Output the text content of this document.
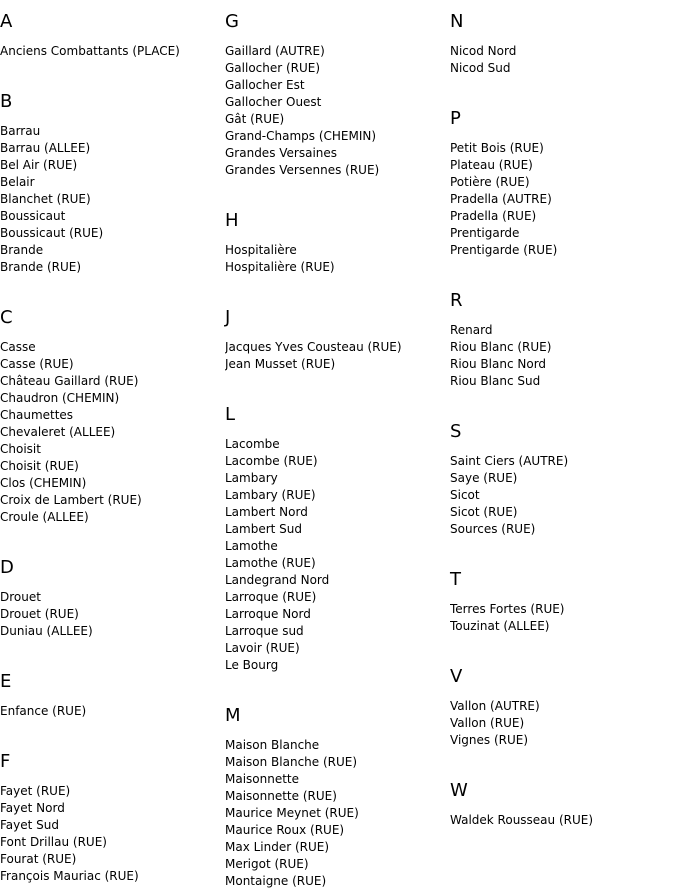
A
Anciens Combattants (PLACE)
B
Barrau
Barrau (ALLEE)
Bel Air (RUE)
Belair
Blanchet (RUE)
Boussicaut
Boussicaut (RUE)
Brande
Brande (RUE)
C
Casse
Casse (RUE)
Château Gaillard (RUE)
Chaudron (CHEMIN)
Chaumettes
Chevaleret (ALLEE)
Choisit
Choisit (RUE)
Clos (CHEMIN)
Croix de Lambert (RUE)
Croule (ALLEE)
D
Drouet
Drouet (RUE)
Duniau (ALLEE)
E
Enfance (RUE)
F
Fayet (RUE)
Fayet Nord
Fayet Sud
Font Drillau (RUE)
Fourat (RUE)
François Mauriac (RUE)
G
Gaillard (AUTRE)
Gallocher (RUE)
Gallocher Est
Gallocher Ouest
Gât (RUE)
Grand-Champs (CHEMIN)
Grandes Versaines
Grandes Versennes (RUE)
H
Hospitalière
Hospitalière (RUE)
J
Jacques Yves Cousteau (RUE)
Jean Musset (RUE)
L
Lacombe
Lacombe (RUE)
Lambary
Lambary (RUE)
Lambert Nord
Lambert Sud
Lamothe
Lamothe (RUE)
Landegrand Nord
Larroque (RUE)
Larroque Nord
Larroque sud
Lavoir (RUE)
Le Bourg
M
Maison Blanche
Maison Blanche (RUE)
Maisonnette
Maisonnette (RUE)
Maurice Meynet (RUE)
Maurice Roux (RUE)
Max Linder (RUE)
Merigot (RUE)
Montaigne (RUE)
N
Nicod Nord
Nicod Sud
P
Petit Bois (RUE)
Plateau (RUE)
Potière (RUE)
Pradella (AUTRE)
Pradella (RUE)
Prentigarde
Prentigarde (RUE)
R
Renard
Riou Blanc (RUE)
Riou Blanc Nord
Riou Blanc Sud
S
Saint Ciers (AUTRE)
Saye (RUE)
Sicot
Sicot (RUE)
Sources (RUE)
T
Terres Fortes (RUE)
Touzinat (ALLEE)
V
Vallon (AUTRE)
Vallon (RUE)
Vignes (RUE)
W
Waldek Rousseau (RUE)
